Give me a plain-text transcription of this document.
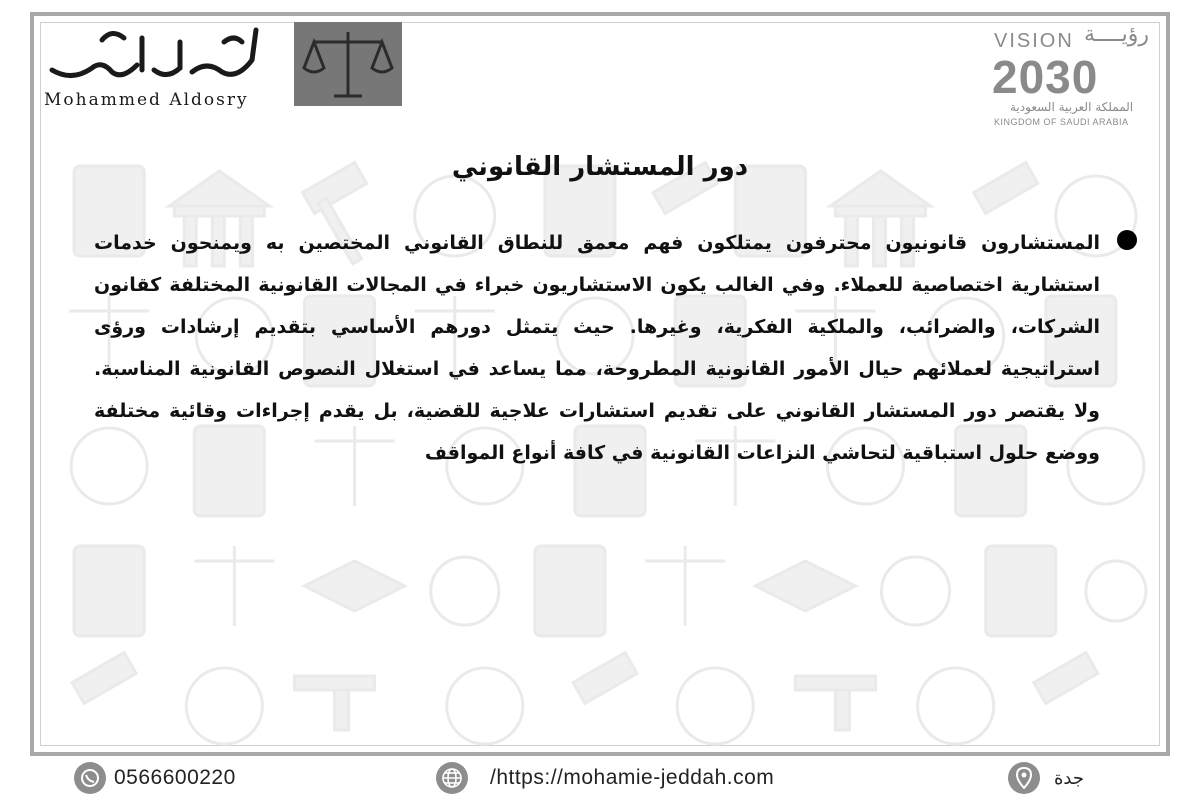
Mohammed Aldosry
VISION رؤيــــة
2030
المملكة العربية السعودية
KINGDOM OF SAUDI ARABIA
دور المستشار القانوني
المستشارون قانونيون محترفون يمتلكون فهم معمق للنطاق القانوني المختصين به ويمنحون خدمات استشارية اختصاصية للعملاء. وفي الغالب يكون الاستشاريون خبراء في المجالات القانونية المختلفة كقانون الشركات، والضرائب، والملكية الفكرية، وغيرها. حيث يتمثل دورهم الأساسي بتقديم إرشادات ورؤى استراتيجية لعملائهم حيال الأمور القانونية المطروحة، مما يساعد في استغلال النصوص القانونية المناسبة. ولا يقتصر دور المستشار القانوني على تقديم استشارات علاجية للقضية، بل يقدم إجراءات وقائية مختلفة ووضع حلول استباقية لتحاشي النزاعات القانونية في كافة أنواع المواقف
0566600220	/https://mohamie-jeddah.com	جدة
